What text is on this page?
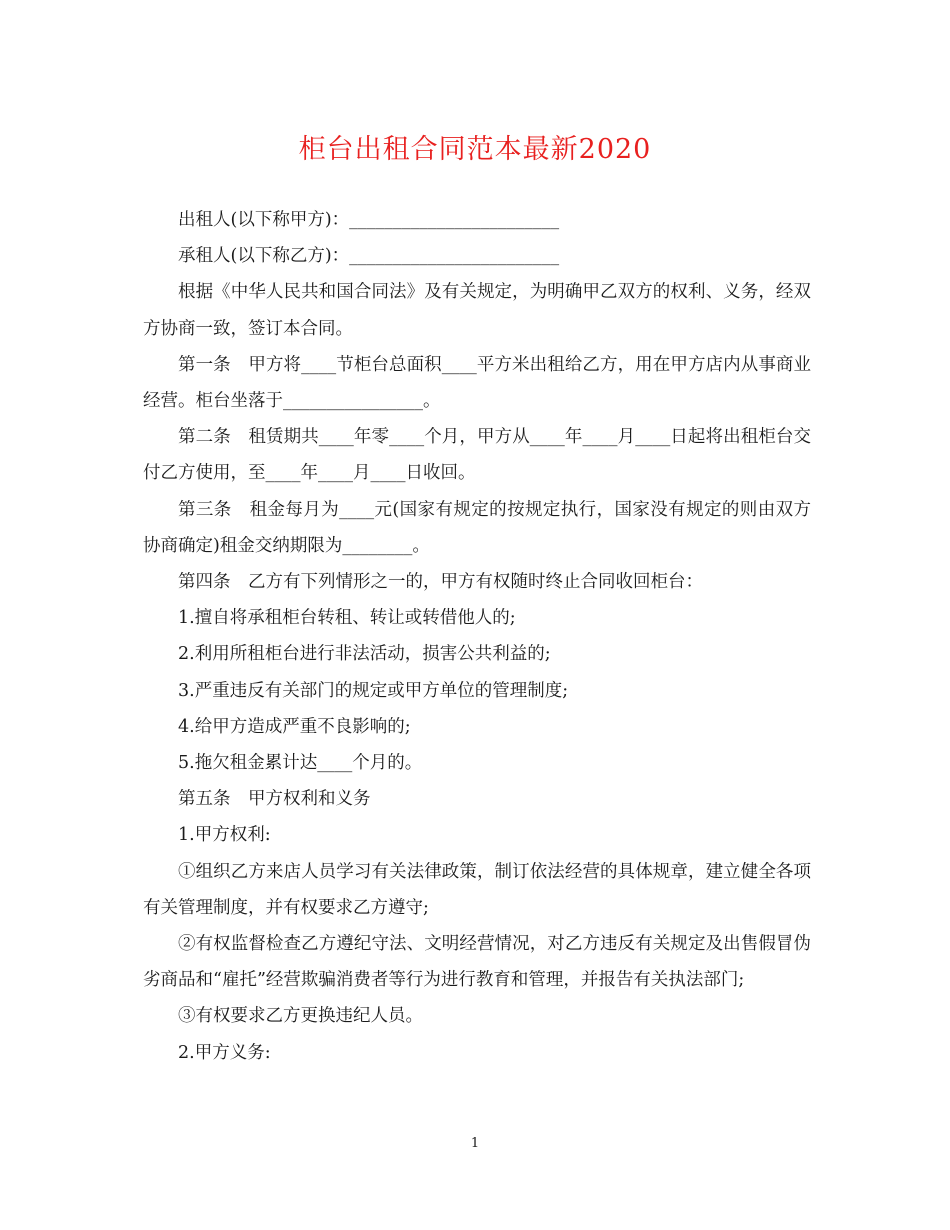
柜台出租合同范本最新2020

出租人(以下称甲方)：________________________

承租人(以下称乙方)：________________________

根据《中华人民共和国合同法》及有关规定，为明确甲乙双方的权利、义务，经双方协商一致，签订本合同。

第一条　甲方将____节柜台总面积____平方米出租给乙方，用在甲方店内从事商业经营。柜台坐落于________________。

第二条　租赁期共____年零____个月，甲方从____年____月____日起将出租柜台交付乙方使用，至____年____月____日收回。

第三条　租金每月为____元(国家有规定的按规定执行，国家没有规定的则由双方协商确定)租金交纳期限为________。

第四条　乙方有下列情形之一的，甲方有权随时终止合同收回柜台：

1.擅自将承租柜台转租、转让或转借他人的;

2.利用所租柜台进行非法活动，损害公共利益的;

3.严重违反有关部门的规定或甲方单位的管理制度;

4.给甲方造成严重不良影响的;

5.拖欠租金累计达____个月的。

第五条　甲方权利和义务

1.甲方权利:

①组织乙方来店人员学习有关法律政策，制订依法经营的具体规章，建立健全各项有关管理制度，并有权要求乙方遵守;

②有权监督检查乙方遵纪守法、文明经营情况，对乙方违反有关规定及出售假冒伪劣商品和“雇托”经营欺骗消费者等行为进行教育和管理，并报告有关执法部门;

③有权要求乙方更换违纪人员。

2.甲方义务:

1
